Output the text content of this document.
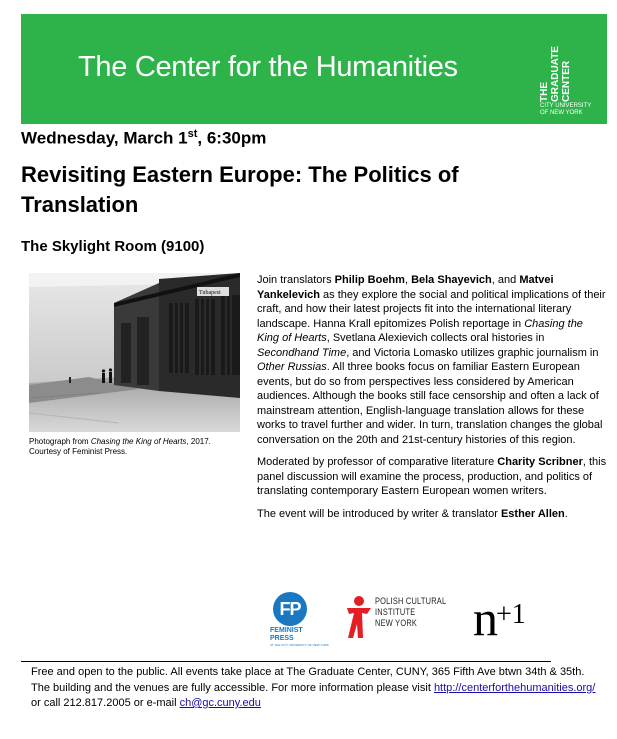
The Center for the Humanities
THE GRADUATE CENTER
CITY UNIVERSITY
OF NEW YORK
Wednesday, March 1st, 6:30pm
Revisiting Eastern Europe: The Politics of Translation
The Skylight Room (9100)
Tubapest
Photograph from Chasing the King of Hearts, 2017. Courtesy of Feminist Press.

Join translators Philip Boehm, Bela Shayevich, and Matvei Yankelevich as they explore the social and political implications of their craft, and how their latest projects fit into the international literary landscape. Hanna Krall epitomizes Polish reportage in Chasing the King of Hearts, Svetlana Alexievich collects oral histories in Secondhand Time, and Victoria Lomasko utilizes graphic journalism in Other Russias. All three books focus on familiar Eastern European events, but do so from perspectives less considered by American audiences. Although the books still face censorship and often a lack of mainstream attention, English-language translation allows for these works to travel further and wider. In turn, translation changes the global conversation on the 20th and 21st-century histories of this region.

Moderated by professor of comparative literature Charity Scribner, this panel discussion will examine the process, production, and politics of translating contemporary Eastern European women writers.

The event will be introduced by writer & translator Esther Allen.

FP
FEMINIST
PRESS
AT THE CITY UNIVERSITY OF NEW YORK
POLISH CULTURAL
INSTITUTE
NEW YORK	$n^{+1}$
Free and open to the public. All events take place at The Graduate Center, CUNY, 365 Fifth Ave btwn 34th & 35th. The building and the venues are fully accessible. For more information please visit http://centerforthehumanities.org/ or call 212.817.2005 or e-mail ch@gc.cuny.edu
